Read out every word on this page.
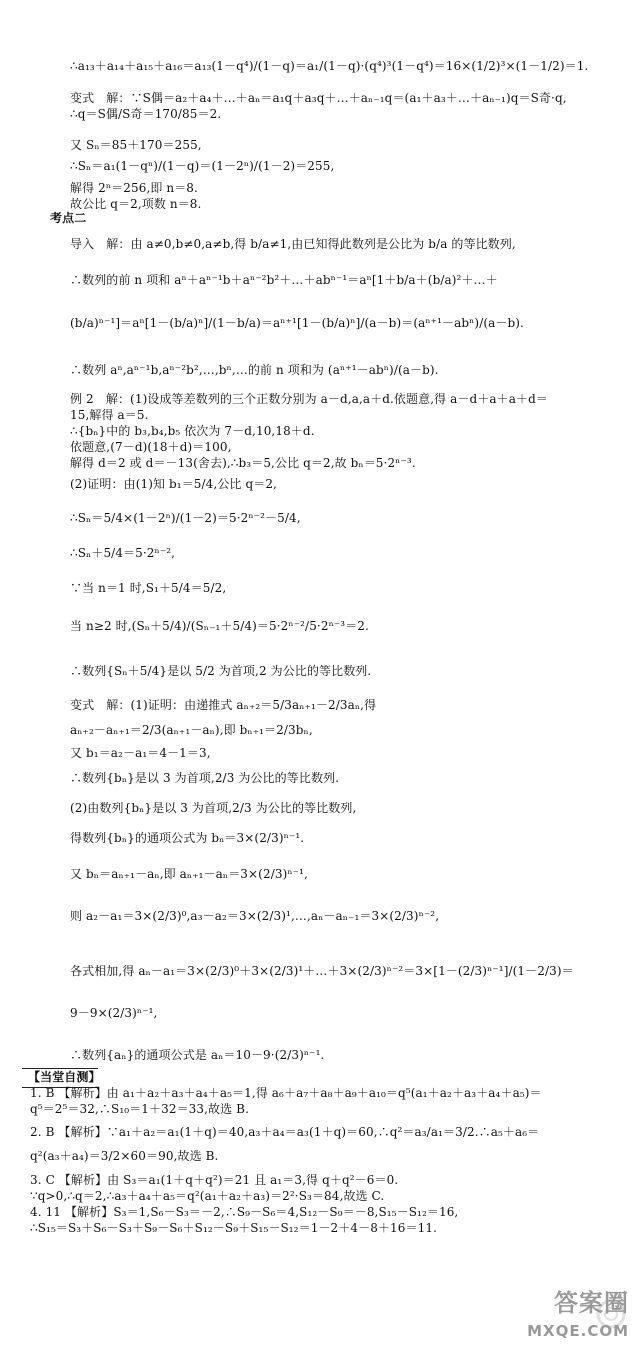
∴a₁₃＋a₁₄＋a₁₅＋a₁₆＝a₁₃(1－q⁴)/(1－q)＝a₁/(1－q)·(q⁴)³(1－q⁴)＝16×(1/2)³×(1－1/2)＝1.
变式　解：∵S偶＝a₂＋a₄＋…＋aₙ＝a₁q＋a₃q＋…＋aₙ₋₁q＝(a₁＋a₃＋…＋aₙ₋₁)q＝S奇·q,
∴q＝S偶/S奇＝170/85＝2.
又 Sₙ＝85＋170＝255,
∴Sₙ＝a₁(1－qⁿ)/(1－q)＝(1－2ⁿ)/(1－2)＝255,
解得 2ⁿ＝256,即 n＝8.
故公比 q＝2,项数 n＝8.
考点二
导入　解：由 a≠0,b≠0,a≠b,得 b/a≠1,由已知得此数列是公比为 b/a 的等比数列,
∴数列的前 n 项和 aⁿ＋aⁿ⁻¹b＋aⁿ⁻²b²＋…＋abⁿ⁻¹＝aⁿ[1＋b/a＋(b/a)²＋…＋
(b/a)ⁿ⁻¹]＝aⁿ[1－(b/a)ⁿ]/(1－b/a)＝aⁿ⁺¹[1－(b/a)ⁿ]/(a－b)＝(aⁿ⁺¹－abⁿ)/(a－b).
∴数列 aⁿ,aⁿ⁻¹b,aⁿ⁻²b²,…,bⁿ,…的前 n 项和为 (aⁿ⁺¹－abⁿ)/(a－b).
例 2　解：(1)设成等差数列的三个正数分别为 a－d,a,a＋d.依题意,得 a－d＋a＋a＋d＝
15,解得 a＝5.
∴{bₙ}中的 b₃,b₄,b₅ 依次为 7－d,10,18＋d.
依题意,(7－d)(18＋d)＝100,
解得 d＝2 或 d＝－13(舍去),∴b₃＝5,公比 q＝2,故 bₙ＝5·2ⁿ⁻³.
(2)证明：由(1)知 b₁＝5/4,公比 q＝2,
∴Sₙ＝5/4×(1－2ⁿ)/(1－2)＝5·2ⁿ⁻²－5/4,
∴Sₙ＋5/4＝5·2ⁿ⁻²,
∵当 n＝1 时,S₁＋5/4＝5/2,
当 n≥2 时,(Sₙ＋5/4)/(Sₙ₋₁＋5/4)＝5·2ⁿ⁻²/5·2ⁿ⁻³＝2.
∴数列{Sₙ＋5/4}是以 5/2 为首项,2 为公比的等比数列.
变式　解：(1)证明：由递推式 aₙ₊₂＝5/3aₙ₊₁－2/3aₙ,得
aₙ₊₂－aₙ₊₁＝2/3(aₙ₊₁－aₙ),即 bₙ₊₁＝2/3bₙ,
又 b₁＝a₂－a₁＝4－1＝3,
∴数列{bₙ}是以 3 为首项,2/3 为公比的等比数列.
(2)由数列{bₙ}是以 3 为首项,2/3 为公比的等比数列,
得数列{bₙ}的通项公式为 bₙ＝3×(2/3)ⁿ⁻¹.
又 bₙ＝aₙ₊₁－aₙ,即 aₙ₊₁－aₙ＝3×(2/3)ⁿ⁻¹,
则 a₂－a₁＝3×(2/3)⁰,a₃－a₂＝3×(2/3)¹,…,aₙ－aₙ₋₁＝3×(2/3)ⁿ⁻²,
各式相加,得 aₙ－a₁＝3×(2/3)⁰＋3×(2/3)¹＋…＋3×(2/3)ⁿ⁻²＝3×[1－(2/3)ⁿ⁻¹]/(1－2/3)＝
9－9×(2/3)ⁿ⁻¹,
∴数列{aₙ}的通项公式是 aₙ＝10－9·(2/3)ⁿ⁻¹.
【当堂自测】
1. B 【解析】由 a₁＋a₂＋a₃＋a₄＋a₅＝1,得 a₆＋a₇＋a₈＋a₉＋a₁₀＝q⁵(a₁＋a₂＋a₃＋a₄＋a₅)＝
q⁵＝2⁵＝32,∴S₁₀＝1＋32＝33,故选 B.
2. B 【解析】∵a₁＋a₂＝a₁(1＋q)＝40,a₃＋a₄＝a₃(1＋q)＝60,∴q²＝a₃/a₁＝3/2.∴a₅＋a₆＝
q²(a₃＋a₄)＝3/2×60＝90,故选 B.
3. C 【解析】由 S₃＝a₁(1＋q＋q²)＝21 且 a₁＝3,得 q＋q²－6＝0.
∵q>0,∴q＝2,∴a₃＋a₄＋a₅＝q²(a₁＋a₂＋a₃)＝2²·S₃＝84,故选 C.
4. 11 【解析】S₃＝1,S₆－S₃＝－2,∴S₉－S₆＝4,S₁₂－S₉＝－8,S₁₅－S₁₂＝16,
∴S₁₅＝S₃＋S₆－S₃＋S₉－S₆＋S₁₂－S₉＋S₁₅－S₁₂＝1－2＋4－8＋16＝11.
答案圈
MXQE.COM
